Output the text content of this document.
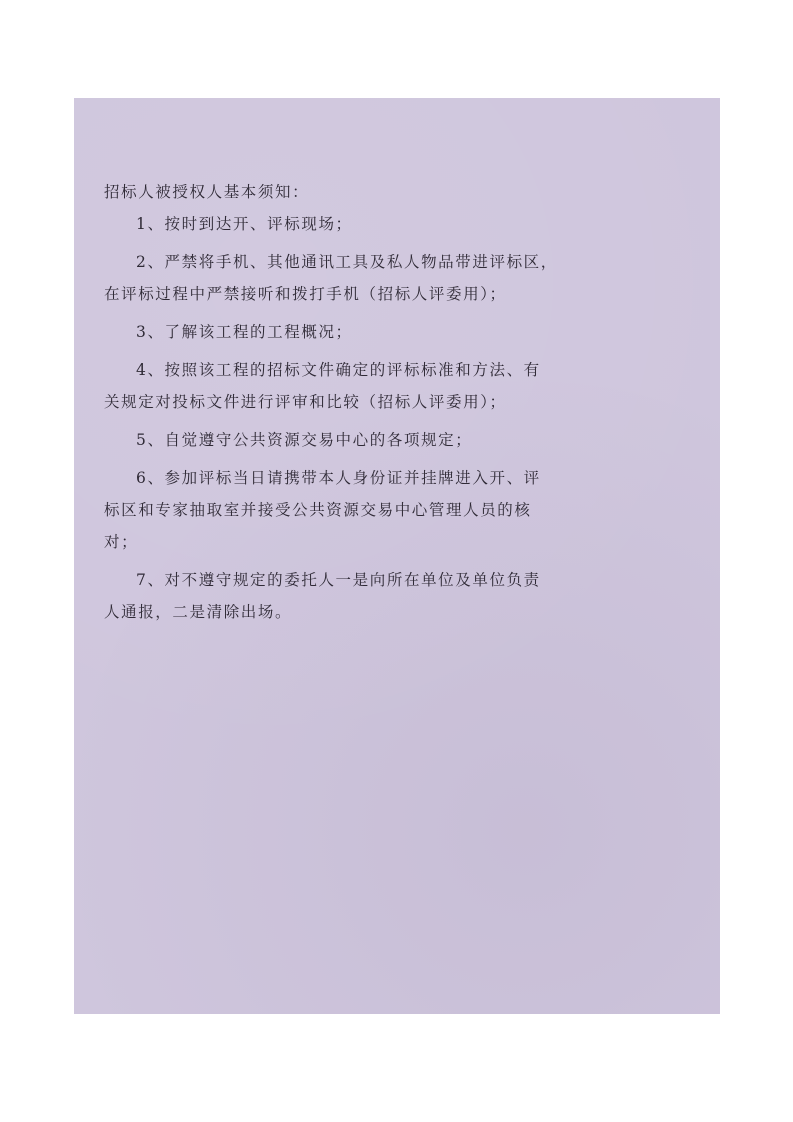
招标人被授权人基本须知：

1、按时到达开、评标现场；

2、严禁将手机、其他通讯工具及私人物品带进评标区，

在评标过程中严禁接听和拨打手机（招标人评委用）；

3、了解该工程的工程概况；

4、按照该工程的招标文件确定的评标标准和方法、有

关规定对投标文件进行评审和比较（招标人评委用）；

5、自觉遵守公共资源交易中心的各项规定；

6、参加评标当日请携带本人身份证并挂牌进入开、评

标区和专家抽取室并接受公共资源交易中心管理人员的核

对；

7、对不遵守规定的委托人一是向所在单位及单位负责

人通报，二是清除出场。
